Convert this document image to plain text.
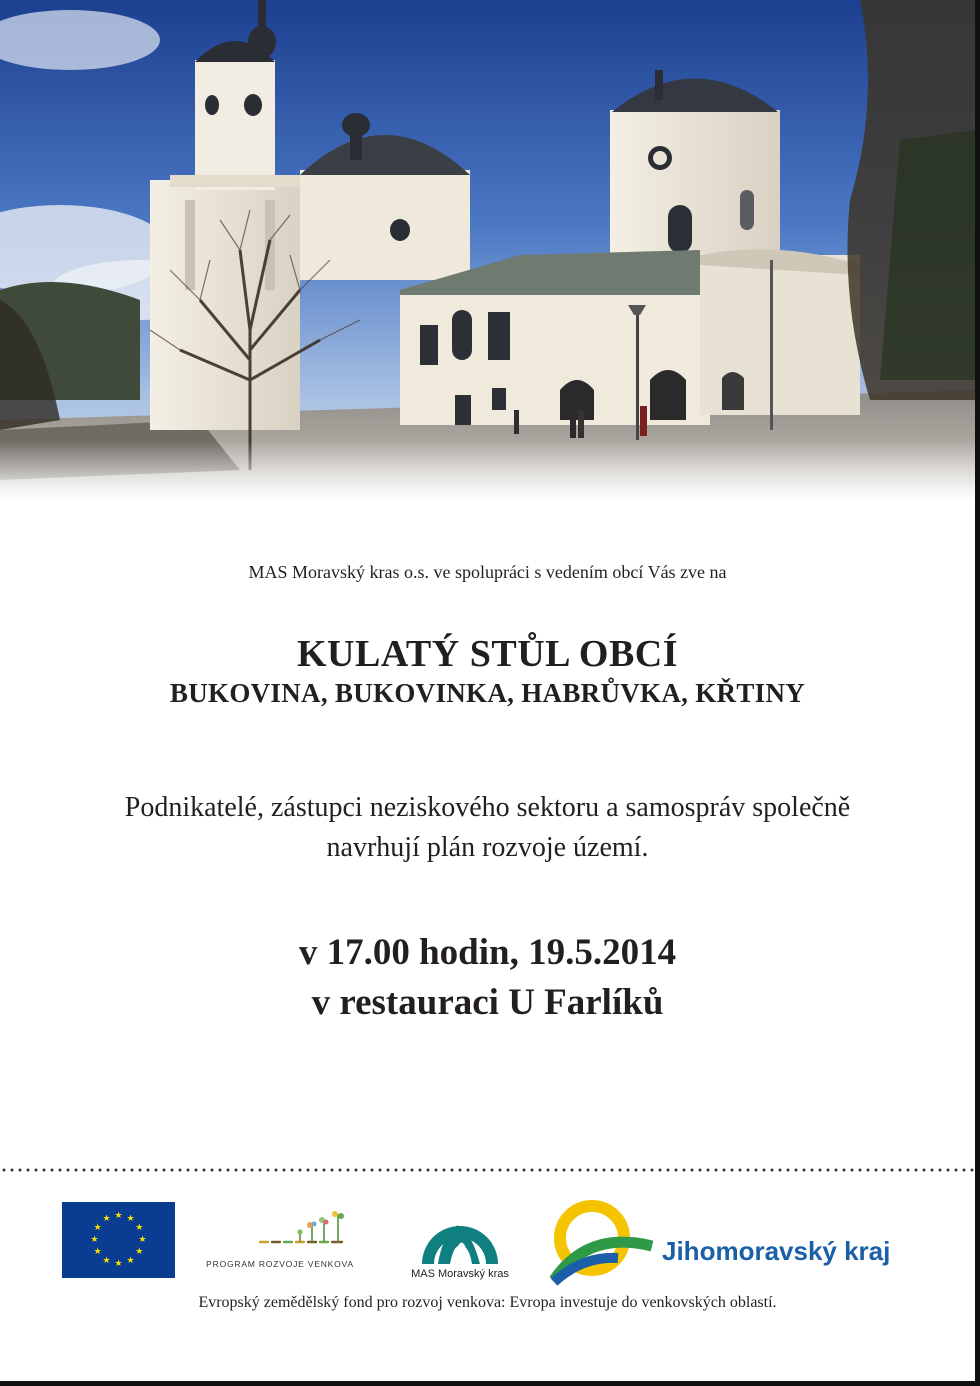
MAS Moravský kras o.s. ve spolupráci s vedením obcí Vás zve na
KULATÝ STŮL OBCÍ
BUKOVINA, BUKOVINKA, HABRŮVKA, KŘTINY
Podnikatelé, zástupci neziskového sektoru a samospráv společně
navrhují plán rozvoje území.
v 17.00 hodin, 19.5.2014
v restauraci U Farlíků
★ ★
★
★
★
★
★
★
★
★
★
★
PROGRAM ROZVOJE VENKOVA
MAS Moravský kras
Jihomoravský kraj
Evropský zemědělský fond pro rozvoj venkova: Evropa investuje do venkovských oblastí.
